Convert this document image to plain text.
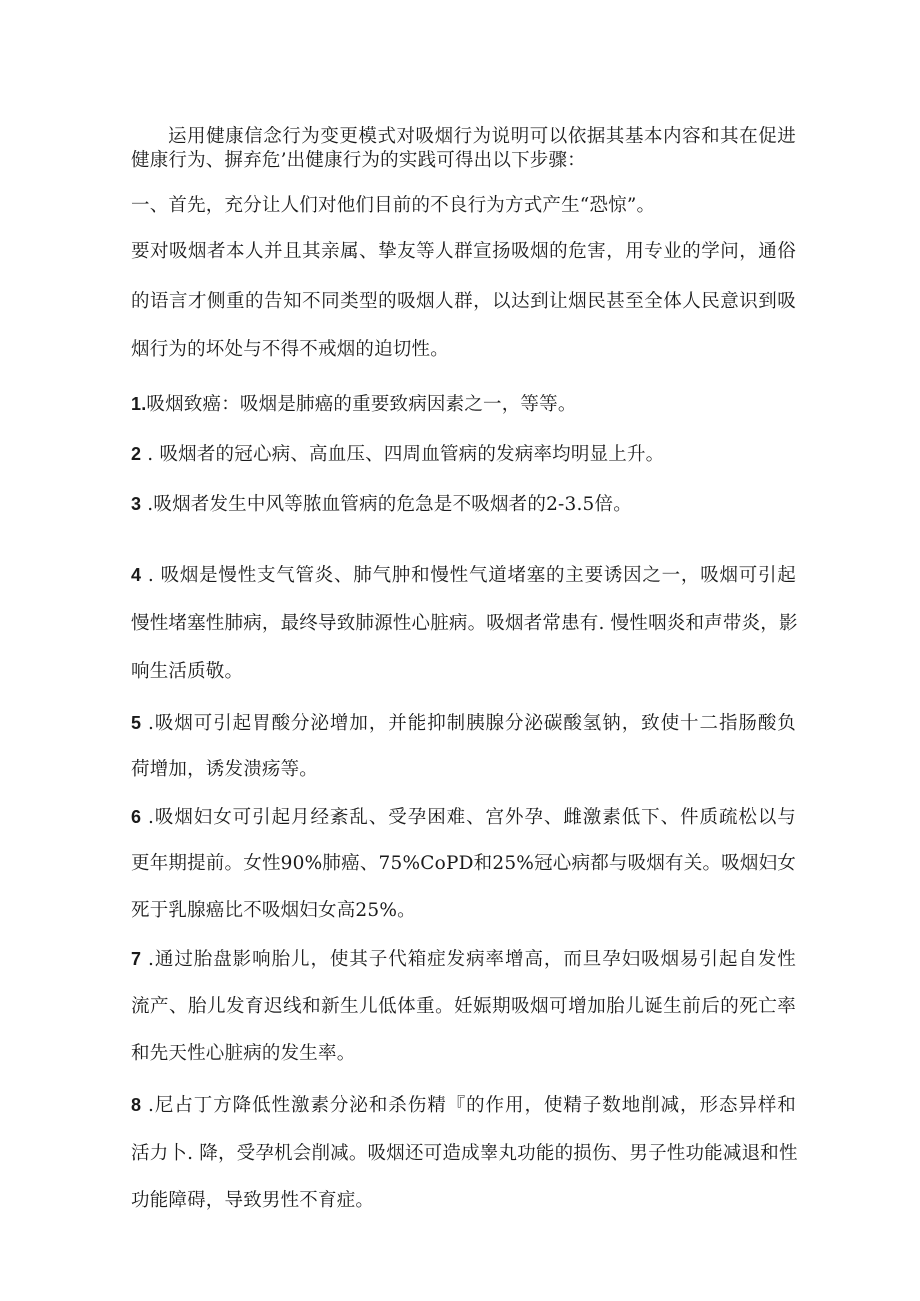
运用健康信念行为变更模式对吸烟行为说明可以依据其基本内容和其在促进
健康行为、摒弃危’出健康行为的实践可得出以下步骤：
一、首先，充分让人们对他们目前的不良行为方式产生“恐惊”。
要对吸烟者本人并且其亲属、挚友等人群宣扬吸烟的危害，用专业的学问，通俗
的语言才侧重的告知不同类型的吸烟人群，以达到让烟民甚至全体人民意识到吸
烟行为的坏处与不得不戒烟的迫切性。
1.吸烟致癌：吸烟是肺癌的重要致病因素之一，等等。
2 . 吸烟者的冠心病、高血压、四周血管病的发病率均明显上升。
3 .吸烟者发生中风等脓血管病的危急是不吸烟者的2-3.5倍。
4 . 吸烟是慢性支气管炎、肺气肿和慢性气道堵塞的主要诱因之一，吸烟可引起
慢性堵塞性肺病，最终导致肺源性心脏病。吸烟者常患有. 慢性咽炎和声带炎，影
响生活质敬。
5 .吸烟可引起胃酸分泌增加，并能抑制胰腺分泌碳酸氢钠，致使十二指肠酸负
荷增加，诱发溃疡等。
6 .吸烟妇女可引起月经紊乱、受孕困难、宫外孕、雌激素低下、件质疏松以与
更年期提前。女性90%肺癌、75%CoPD和25%冠心病都与吸烟有关。吸烟妇女
死于乳腺癌比不吸烟妇女高25%。
7 .通过胎盘影响胎儿，使其子代箱症发病率增高，而旦孕妇吸烟易引起自发性
流产、胎儿发育迟线和新生儿低体重。妊娠期吸烟可增加胎儿诞生前后的死亡率
和先天性心脏病的发生率。
8 .尼占丁方降低性激素分泌和杀伤精『的作用，使精子数地削减，形态异样和
活力卜. 降，受孕机会削减。吸烟还可造成睾丸功能的损伤、男子性功能减退和性
功能障碍，导致男性不育症。
